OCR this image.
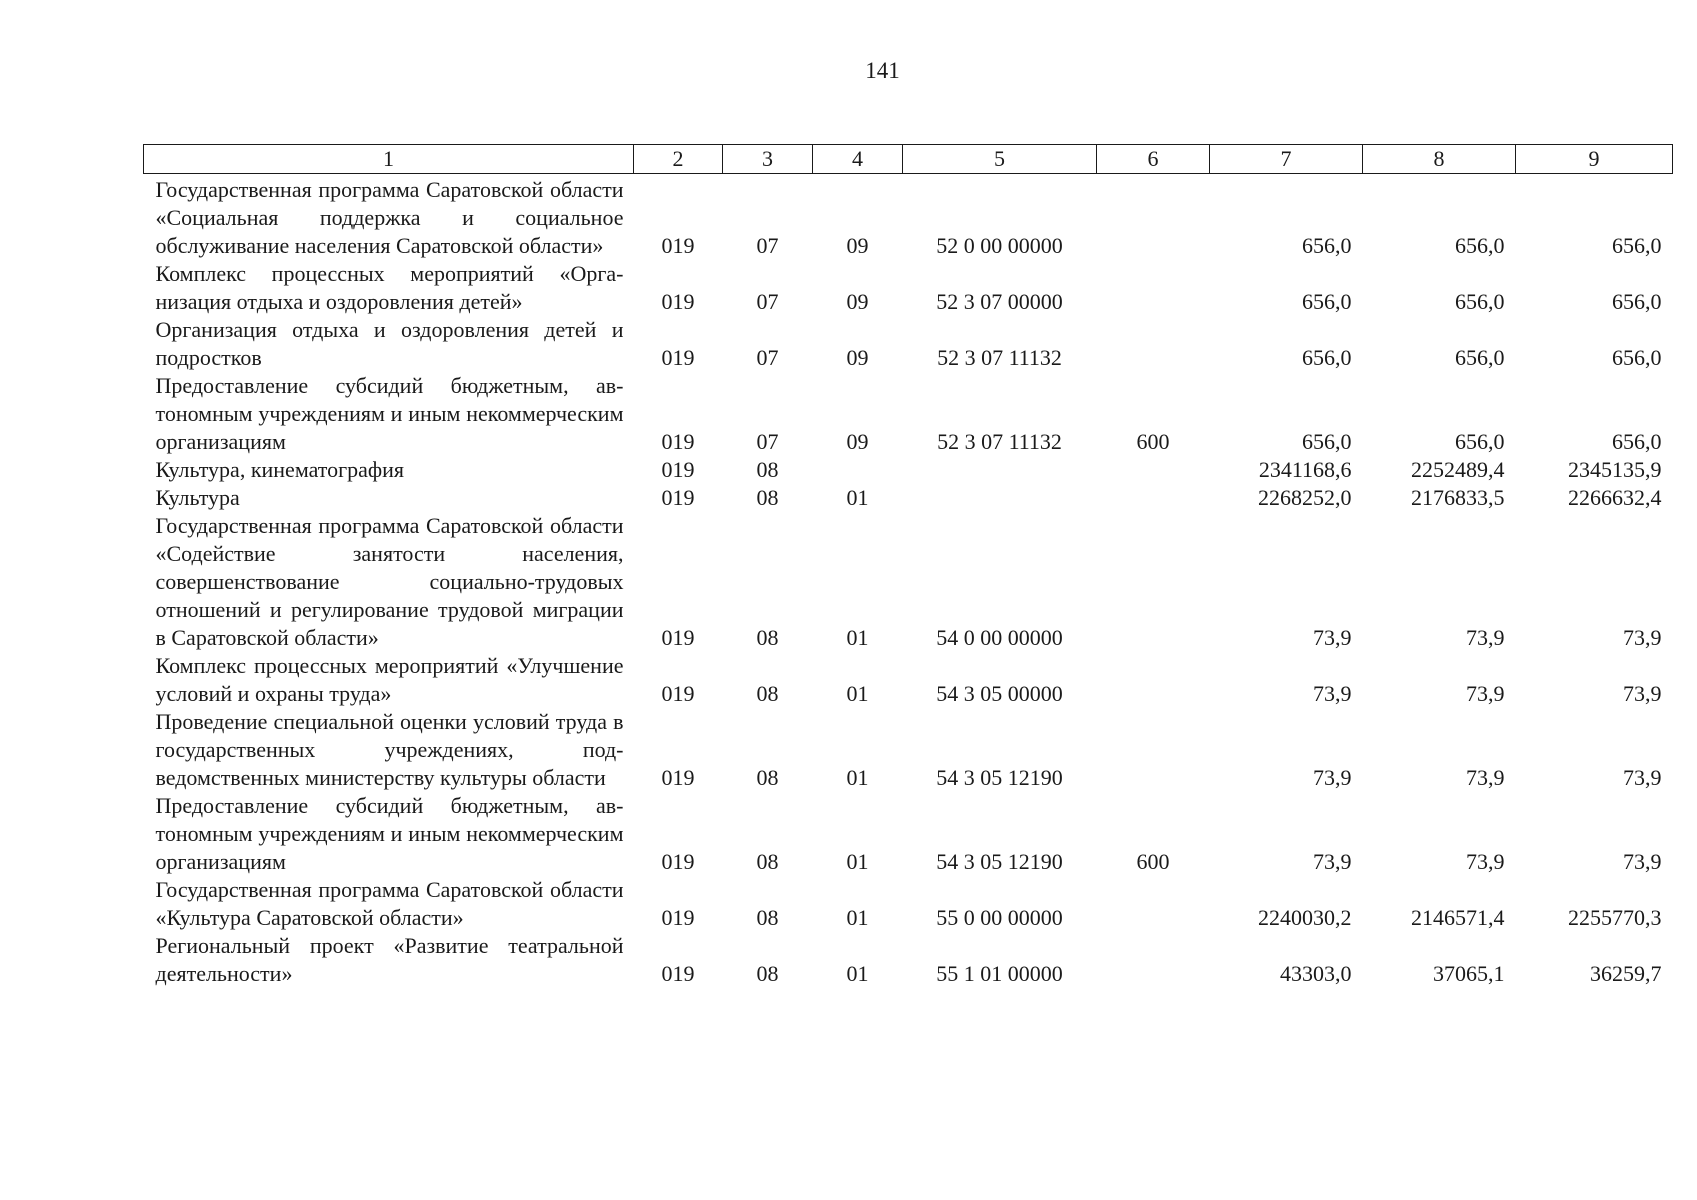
141
1	2	3	4	5	6	7	8	9
Государственная программа Саратовской области «Социальная поддержка и социальное обслуживание населения Саратовской области»	019	07	09	52 0 00 00000		656,0	656,0	656,0
Комплекс процессных мероприятий «Организация отдыха и оздоровления детей»	019	07	09	52 3 07 00000		656,0	656,0	656,0
Организация отдыха и оздоровления детей и подростков	019	07	09	52 3 07 11132		656,0	656,0	656,0
Предоставление субсидий бюджетным, автономным учреждениям и иным некоммерческим организациям	019	07	09	52 3 07 11132	600	656,0	656,0	656,0
Культура, кинематография	019	08				2341168,6	2252489,4	2345135,9
Культура	019	08	01			2268252,0	2176833,5	2266632,4
Государственная программа Саратовской области «Содействие занятости населения, совершенствование социально-трудовых отношений и регулирование трудовой миграции в Саратовской области»	019	08	01	54 0 00 00000		73,9	73,9	73,9
Комплекс процессных мероприятий «Улучшение условий и охраны труда»	019	08	01	54 3 05 00000		73,9	73,9	73,9
Проведение специальной оценки условий труда в государственных учреждениях, подведомственных министерству культуры области	019	08	01	54 3 05 12190		73,9	73,9	73,9
Предоставление субсидий бюджетным, автономным учреждениям и иным некоммерческим организациям	019	08	01	54 3 05 12190	600	73,9	73,9	73,9
Государственная программа Саратовской области «Культура Саратовской области»	019	08	01	55 0 00 00000		2240030,2	2146571,4	2255770,3
Региональный проект «Развитие театральной деятельности»	019	08	01	55 1 01 00000		43303,0	37065,1	36259,7
